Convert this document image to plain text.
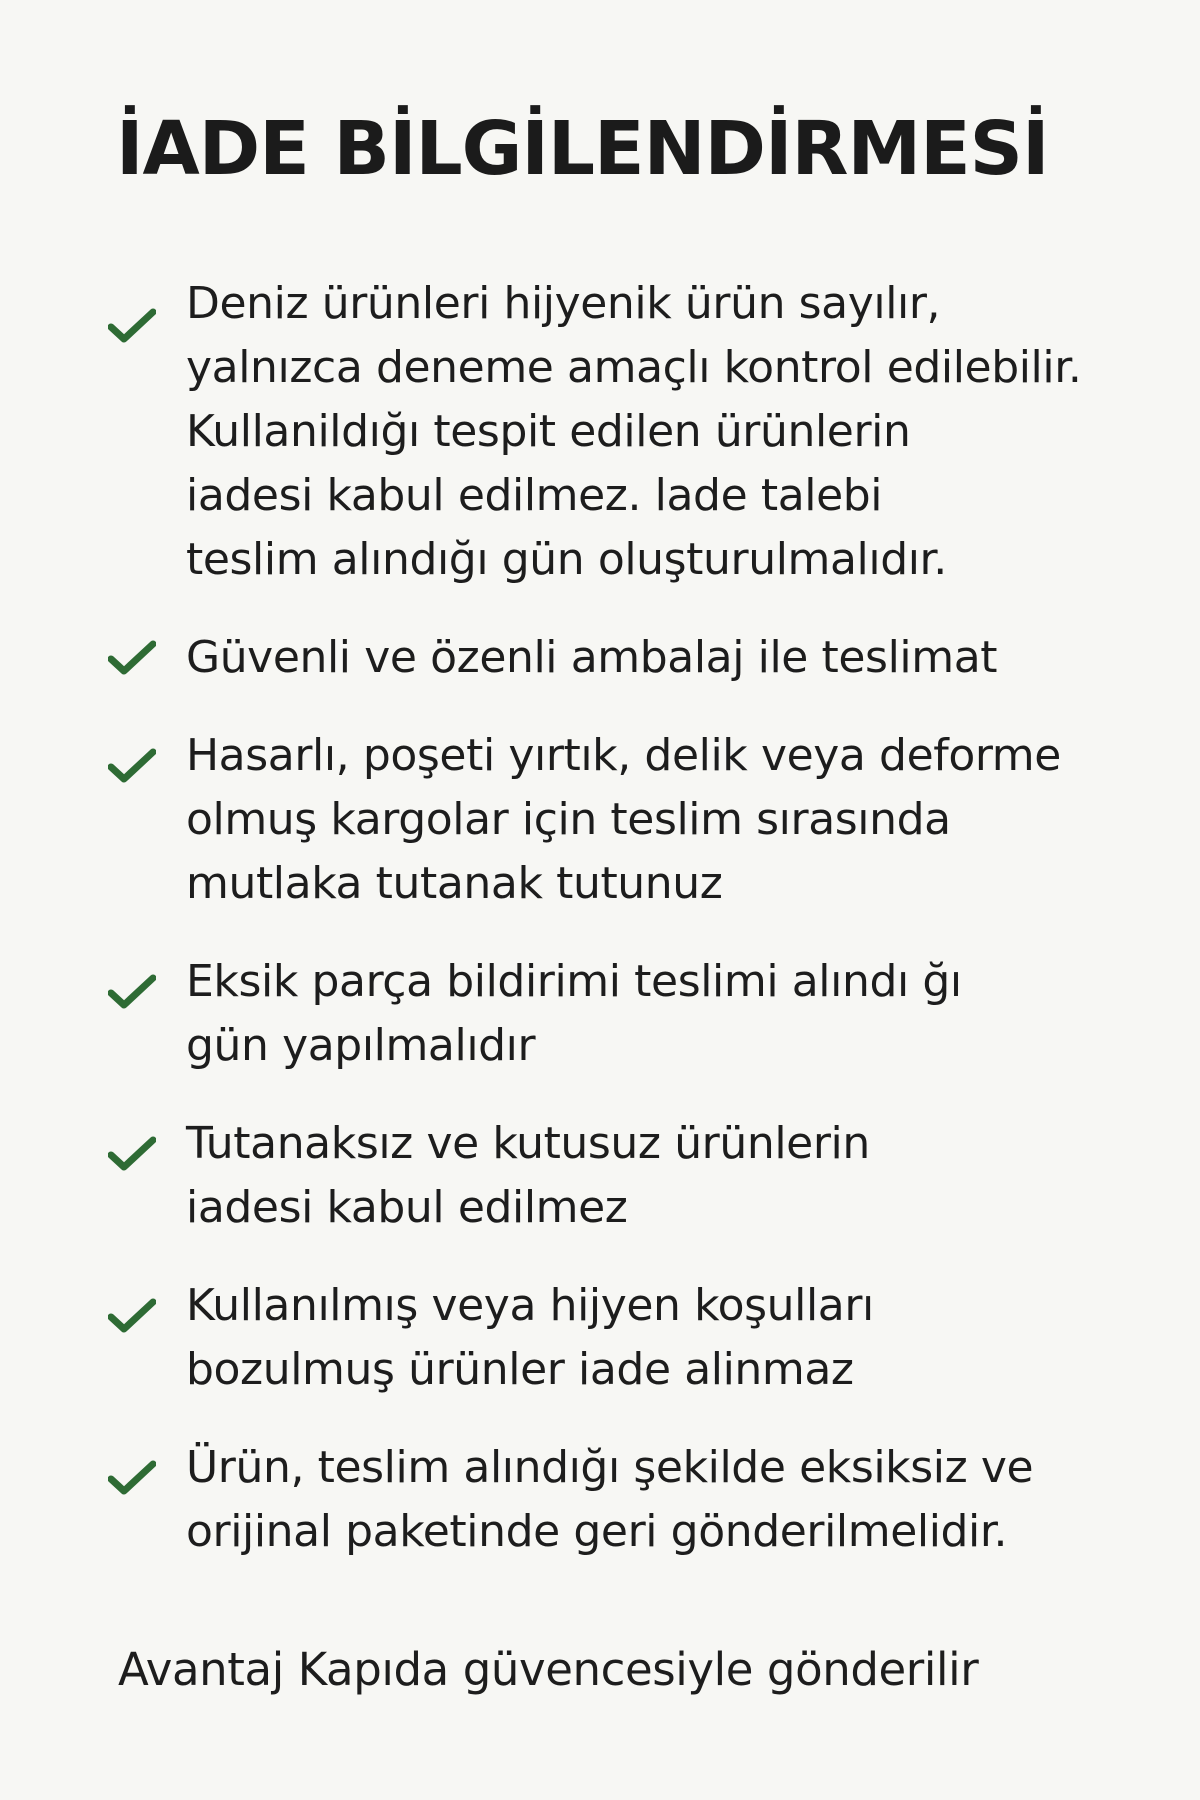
İADE BİLGİLENDİRMESİ
Deniz ürünleri hijyenik ürün sayılır,
yalnızca deneme amaçlı kontrol edilebilir.
Kullanildığı tespit edilen ürünlerin
iadesi kabul edilmez. lade talebi
teslim alındığı gün oluşturulmalıdır.
Güvenli ve özenli ambalaj ile teslimat
Hasarlı, poşeti yırtık, delik veya deforme
olmuş kargolar için teslim sırasında
mutlaka tutanak tutunuz
Eksik parça bildirimi teslimi alındı ğı
gün yapılmalıdır
Tutanaksız ve kutusuz ürünlerin
iadesi kabul edilmez
Kullanılmış veya hijyen koşulları
bozulmuş ürünler iade alinmaz
Ürün, teslim alındığı şekilde eksiksiz ve
orijinal paketinde geri gönderilmelidir.
Avantaj Kapıda güvencesiyle gönderilir
